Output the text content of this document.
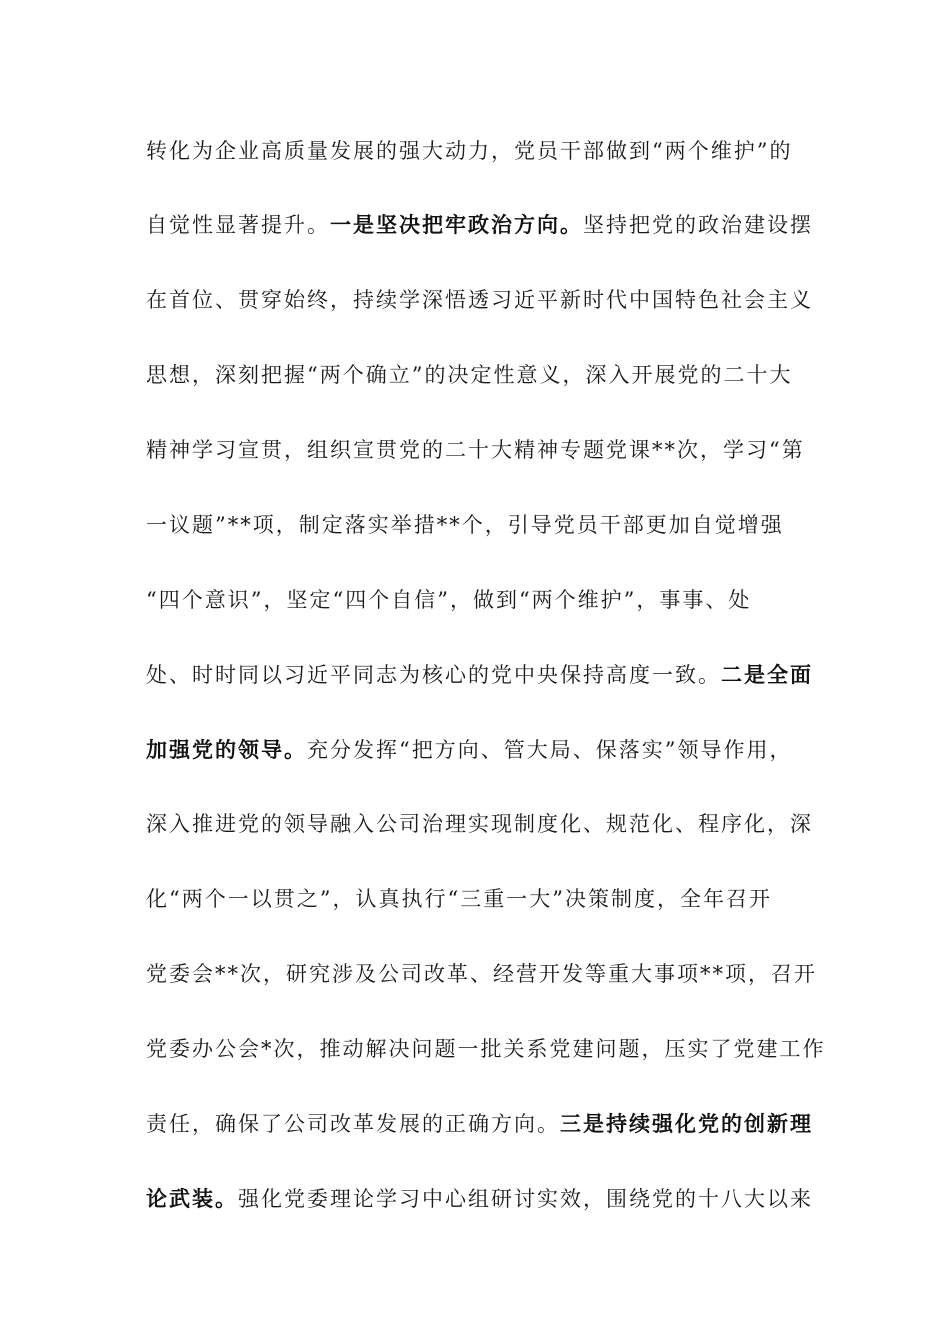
转化为企业高质量发展的强大动力，党员干部做到“两个维护”的
自觉性显著提升。一是坚决把牢政治方向。坚持把党的政治建设摆
在首位、贯穿始终，持续学深悟透习近平新时代中国特色社会主义
思想，深刻把握“两个确立”的决定性意义，深入开展党的二十大
精神学习宣贯，组织宣贯党的二十大精神专题党课**次，学习“第
一议题”**项，制定落实举措**个，引导党员干部更加自觉增强
“四个意识”，坚定“四个自信”，做到“两个维护”，事事、处
处、时时同以习近平同志为核心的党中央保持高度一致。二是全面
加强党的领导。充分发挥“把方向、管大局、保落实”领导作用，
深入推进党的领导融入公司治理实现制度化、规范化、程序化，深
化“两个一以贯之”，认真执行“三重一大”决策制度，全年召开
党委会**次，研究涉及公司改革、经营开发等重大事项**项，召开
党委办公会*次，推动解决问题一批关系党建问题，压实了党建工作
责任，确保了公司改革发展的正确方向。三是持续强化党的创新理
论武装。强化党委理论学习中心组研讨实效，围绕党的十八大以来
